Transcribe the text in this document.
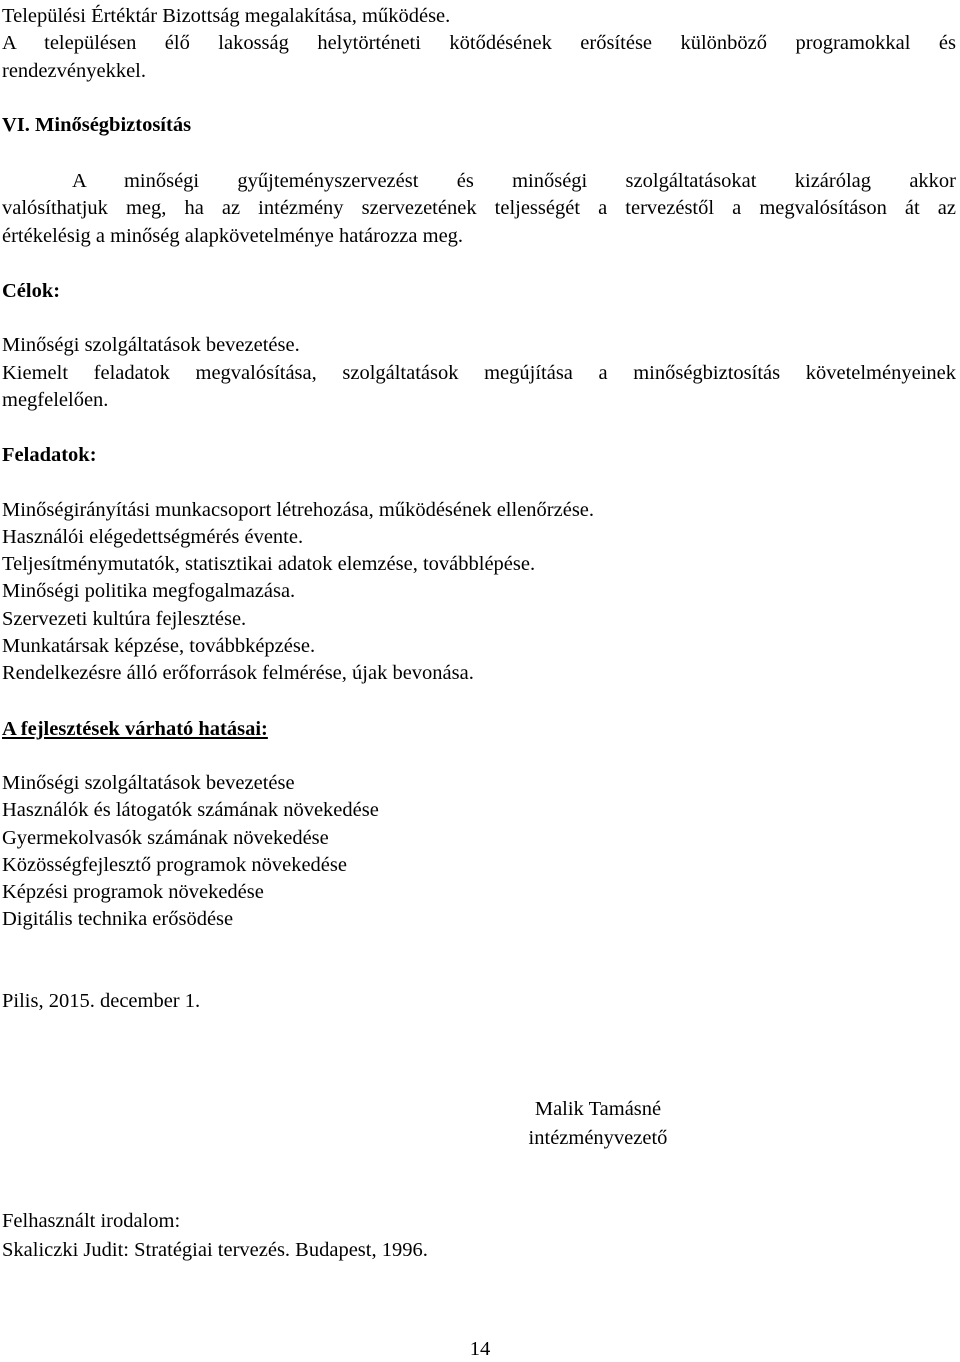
Települési Értéktár Bizottság megalakítása, működése.
A településen élő lakosság helytörténeti kötődésének erősítése különböző programokkal és
rendezvényekkel.
VI. Minőségbiztosítás
A minőségi gyűjteményszervezést és minőségi szolgáltatásokat kizárólag akkor
valósíthatjuk meg, ha az intézmény szervezetének teljességét a tervezéstől a megvalósításon át az
értékelésig a minőség alapkövetelménye határozza meg.
Célok:
Minőségi szolgáltatások bevezetése.
Kiemelt feladatok megvalósítása, szolgáltatások megújítása a minőségbiztosítás követelményeinek
megfelelően.
Feladatok:
Minőségirányítási munkacsoport létrehozása, működésének ellenőrzése.
Használói elégedettségmérés évente.
Teljesítménymutatók, statisztikai adatok elemzése, továbblépése.
Minőségi politika megfogalmazása.
Szervezeti kultúra fejlesztése.
Munkatársak képzése, továbbképzése.
Rendelkezésre álló erőforrások felmérése, újak bevonása.
A fejlesztések várható hatásai:
Minőségi szolgáltatások bevezetése
Használók és látogatók számának növekedése
Gyermekolvasók számának növekedése
Közösségfejlesztő programok növekedése
Képzési programok növekedése
Digitális technika erősödése
Pilis, 2015. december 1.
Malik Tamásné
intézményvezető
Felhasznált irodalom:
Skaliczki Judit: Stratégiai tervezés. Budapest, 1996.
14
